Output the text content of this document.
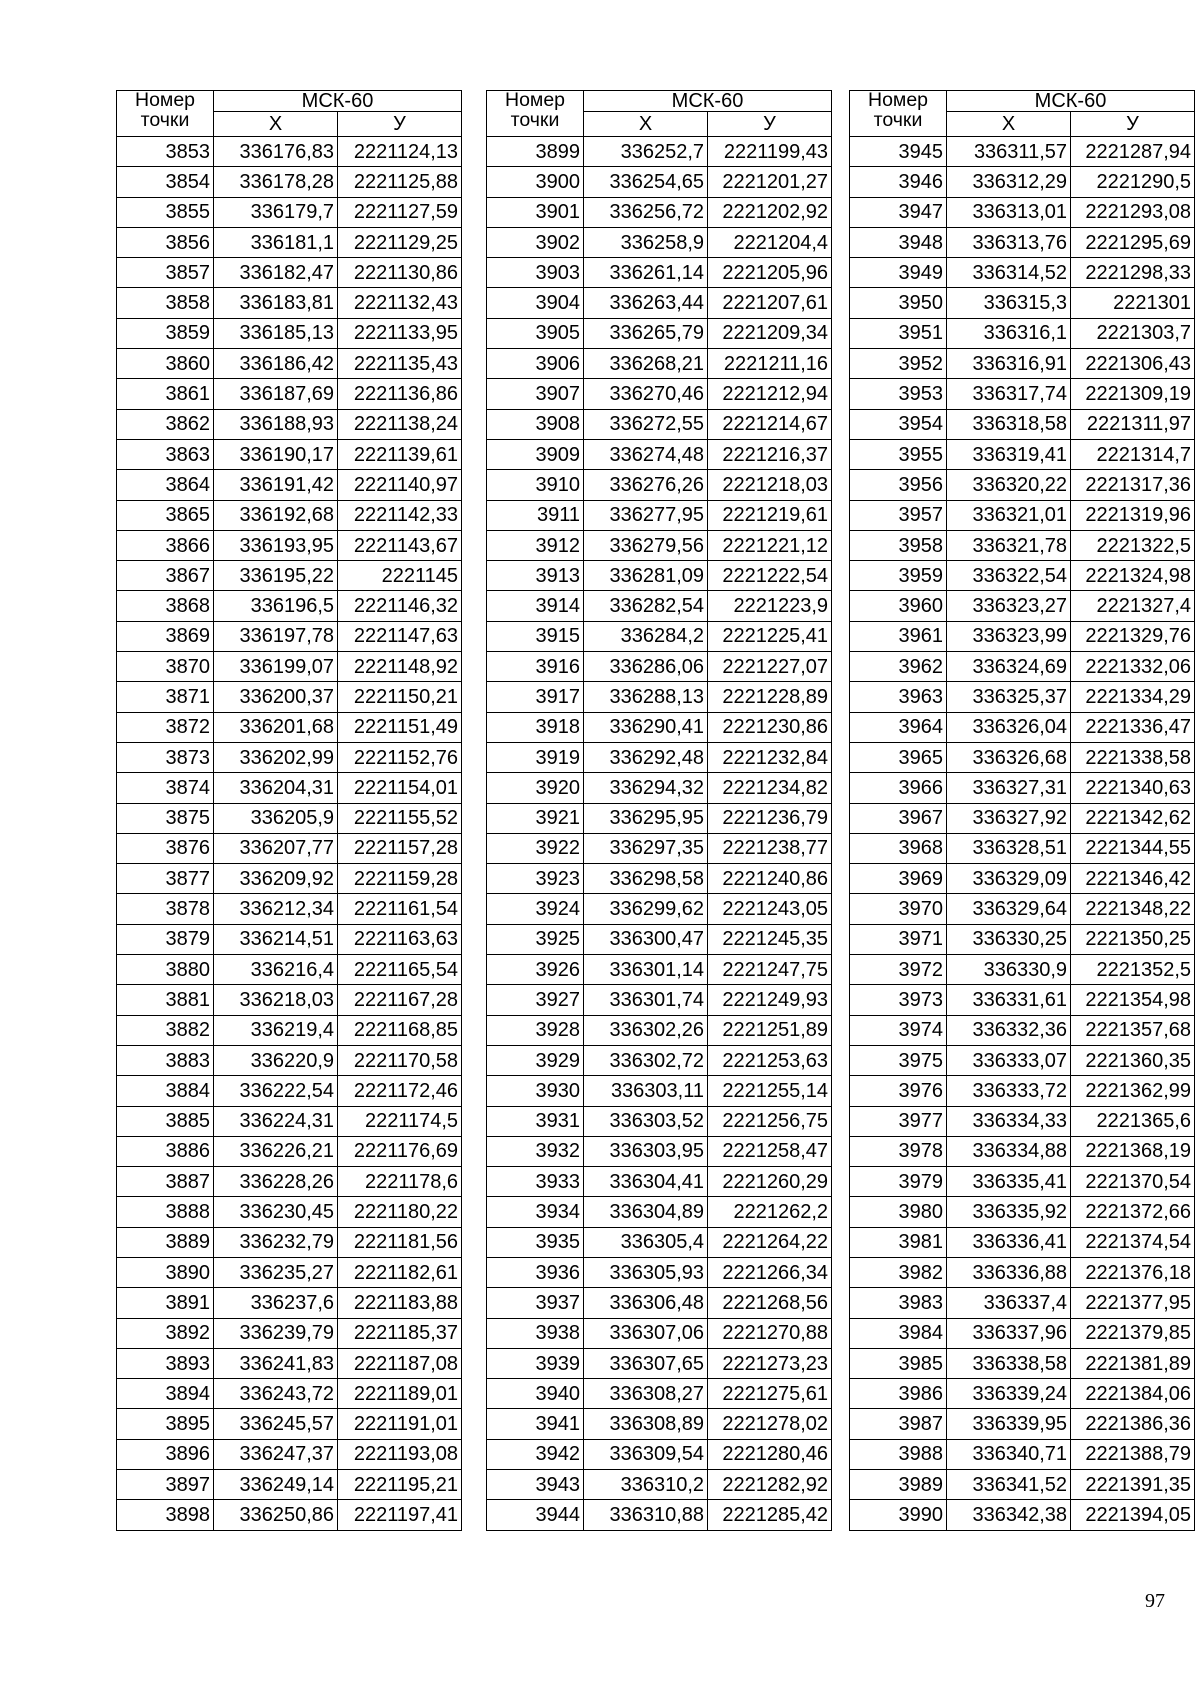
Номер точки	МСК-60	
	Х	У
3853	336176,83	2221124,13
3854	336178,28	2221125,88
3855	336179,7	2221127,59
3856	336181,1	2221129,25
3857	336182,47	2221130,86
3858	336183,81	2221132,43
3859	336185,13	2221133,95
3860	336186,42	2221135,43
3861	336187,69	2221136,86
3862	336188,93	2221138,24
3863	336190,17	2221139,61
3864	336191,42	2221140,97
3865	336192,68	2221142,33
3866	336193,95	2221143,67
3867	336195,22	2221145
3868	336196,5	2221146,32
3869	336197,78	2221147,63
3870	336199,07	2221148,92
3871	336200,37	2221150,21
3872	336201,68	2221151,49
3873	336202,99	2221152,76
3874	336204,31	2221154,01
3875	336205,9	2221155,52
3876	336207,77	2221157,28
3877	336209,92	2221159,28
3878	336212,34	2221161,54
3879	336214,51	2221163,63
3880	336216,4	2221165,54
3881	336218,03	2221167,28
3882	336219,4	2221168,85
3883	336220,9	2221170,58
3884	336222,54	2221172,46
3885	336224,31	2221174,5
3886	336226,21	2221176,69
3887	336228,26	2221178,6
3888	336230,45	2221180,22
3889	336232,79	2221181,56
3890	336235,27	2221182,61
3891	336237,6	2221183,88
3892	336239,79	2221185,37
3893	336241,83	2221187,08
3894	336243,72	2221189,01
3895	336245,57	2221191,01
3896	336247,37	2221193,08
3897	336249,14	2221195,21
3898	336250,86	2221197,41
Номер точки	МСК-60	
	Х	У
3899	336252,7	2221199,43
3900	336254,65	2221201,27
3901	336256,72	2221202,92
3902	336258,9	2221204,4
3903	336261,14	2221205,96
3904	336263,44	2221207,61
3905	336265,79	2221209,34
3906	336268,21	2221211,16
3907	336270,46	2221212,94
3908	336272,55	2221214,67
3909	336274,48	2221216,37
3910	336276,26	2221218,03
3911	336277,95	2221219,61
3912	336279,56	2221221,12
3913	336281,09	2221222,54
3914	336282,54	2221223,9
3915	336284,2	2221225,41
3916	336286,06	2221227,07
3917	336288,13	2221228,89
3918	336290,41	2221230,86
3919	336292,48	2221232,84
3920	336294,32	2221234,82
3921	336295,95	2221236,79
3922	336297,35	2221238,77
3923	336298,58	2221240,86
3924	336299,62	2221243,05
3925	336300,47	2221245,35
3926	336301,14	2221247,75
3927	336301,74	2221249,93
3928	336302,26	2221251,89
3929	336302,72	2221253,63
3930	336303,11	2221255,14
3931	336303,52	2221256,75
3932	336303,95	2221258,47
3933	336304,41	2221260,29
3934	336304,89	2221262,2
3935	336305,4	2221264,22
3936	336305,93	2221266,34
3937	336306,48	2221268,56
3938	336307,06	2221270,88
3939	336307,65	2221273,23
3940	336308,27	2221275,61
3941	336308,89	2221278,02
3942	336309,54	2221280,46
3943	336310,2	2221282,92
3944	336310,88	2221285,42
Номер точки	МСК-60	
	Х	У
3945	336311,57	2221287,94
3946	336312,29	2221290,5
3947	336313,01	2221293,08
3948	336313,76	2221295,69
3949	336314,52	2221298,33
3950	336315,3	2221301
3951	336316,1	2221303,7
3952	336316,91	2221306,43
3953	336317,74	2221309,19
3954	336318,58	2221311,97
3955	336319,41	2221314,7
3956	336320,22	2221317,36
3957	336321,01	2221319,96
3958	336321,78	2221322,5
3959	336322,54	2221324,98
3960	336323,27	2221327,4
3961	336323,99	2221329,76
3962	336324,69	2221332,06
3963	336325,37	2221334,29
3964	336326,04	2221336,47
3965	336326,68	2221338,58
3966	336327,31	2221340,63
3967	336327,92	2221342,62
3968	336328,51	2221344,55
3969	336329,09	2221346,42
3970	336329,64	2221348,22
3971	336330,25	2221350,25
3972	336330,9	2221352,5
3973	336331,61	2221354,98
3974	336332,36	2221357,68
3975	336333,07	2221360,35
3976	336333,72	2221362,99
3977	336334,33	2221365,6
3978	336334,88	2221368,19
3979	336335,41	2221370,54
3980	336335,92	2221372,66
3981	336336,41	2221374,54
3982	336336,88	2221376,18
3983	336337,4	2221377,95
3984	336337,96	2221379,85
3985	336338,58	2221381,89
3986	336339,24	2221384,06
3987	336339,95	2221386,36
3988	336340,71	2221388,79
3989	336341,52	2221391,35
3990	336342,38	2221394,05
97
